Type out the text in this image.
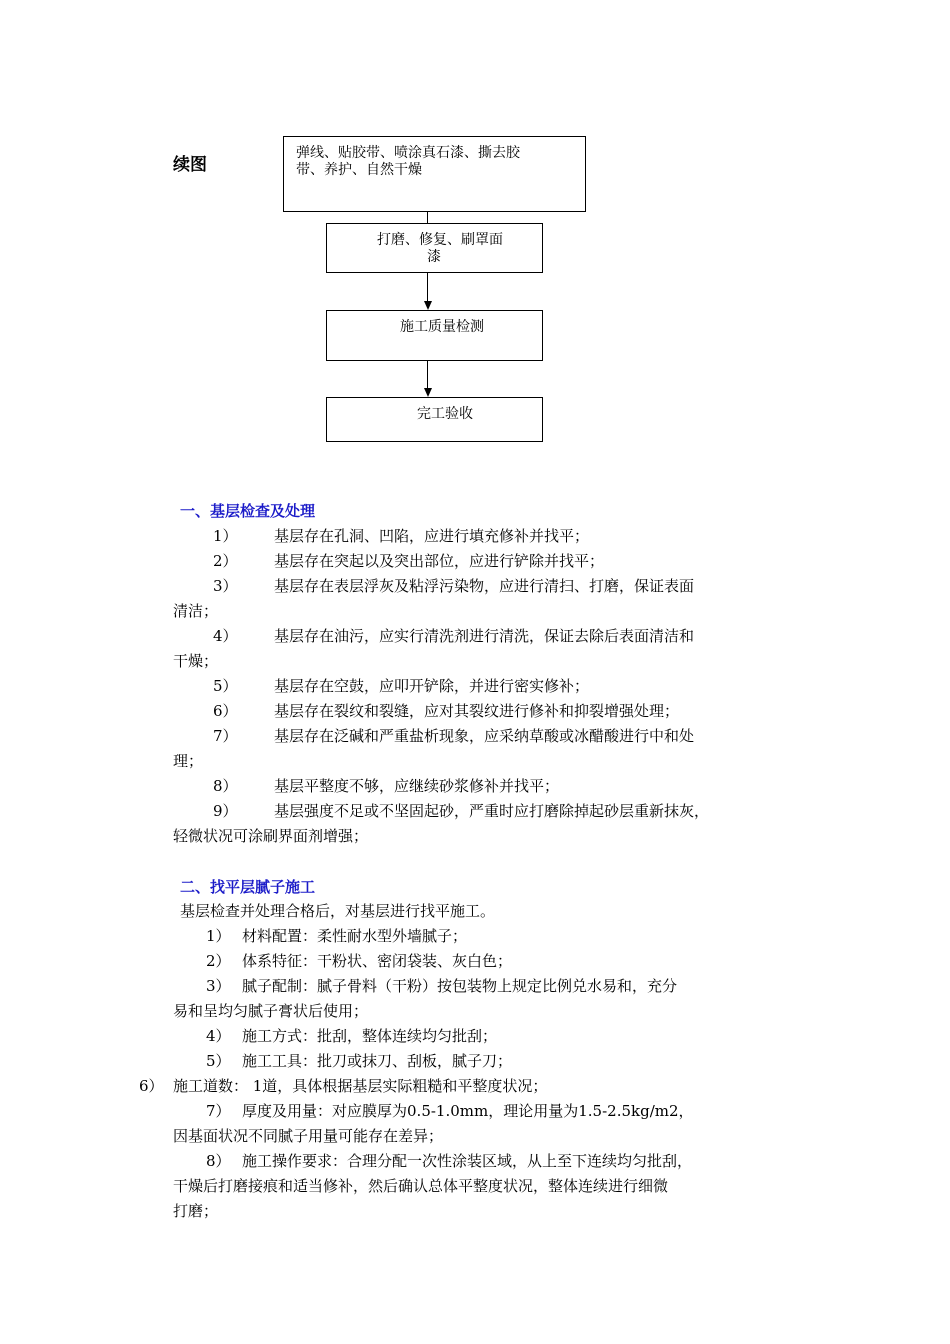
续图
弹线、贴胶带、喷涂真石漆、撕去胶
带、养护、自然干燥
打磨、修复、刷罩面
漆
施工质量检测
完工验收
一、基层检查及处理
1） 基层存在孔洞、凹陷，应进行填充修补并找平；
2） 基层存在突起以及突出部位，应进行铲除并找平；
3） 基层存在表层浮灰及粘浮污染物，应进行清扫、打磨，保证表面
清洁；
4） 基层存在油污，应实行清洗剂进行清洗，保证去除后表面清洁和
干燥；
5） 基层存在空鼓，应叩开铲除，并进行密实修补；
6） 基层存在裂纹和裂缝，应对其裂纹进行修补和抑裂增强处理；
7） 基层存在泛碱和严重盐析现象，应采纳草酸或冰醋酸进行中和处
理；
8） 基层平整度不够，应继续砂浆修补并找平；
9） 基层强度不足或不坚固起砂，严重时应打磨除掉起砂层重新抹灰，
轻微状况可涂刷界面剂增强；
二、找平层腻子施工
基层检查并处理合格后，对基层进行找平施工。
1） 材料配置：柔性耐水型外墙腻子；
2） 体系特征：干粉状、密闭袋装、灰白色；
3） 腻子配制：腻子骨料（干粉）按包装物上规定比例兑水易和，充分
易和呈均匀腻子膏状后使用；
4） 施工方式：批刮，整体连续均匀批刮；
5） 施工工具：批刀或抹刀、刮板，腻子刀；
6） 施工道数： 1道，具体根据基层实际粗糙和平整度状况；
7） 厚度及用量：对应膜厚为0.5-1.0mm，理论用量为1.5-2.5kg/m2，
因基面状况不同腻子用量可能存在差异；
8） 施工操作要求：合理分配一次性涂装区域，从上至下连续均匀批刮，
干燥后打磨接痕和适当修补，然后确认总体平整度状况，整体连续进行细微
打磨；
